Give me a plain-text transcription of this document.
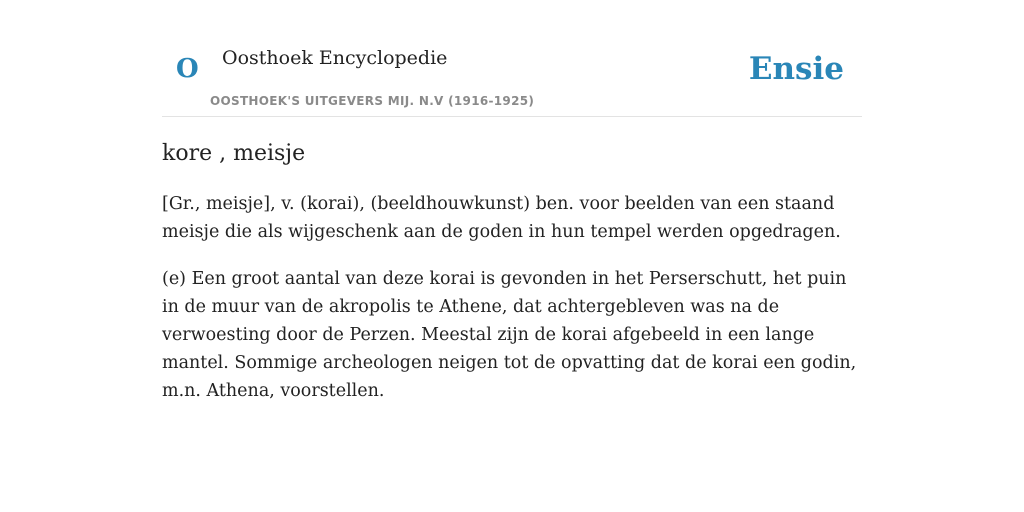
O Oosthoek Encyclopedie
OOSTHOEK'S UITGEVERS MIJ. N.V (1916-1925)
Ensie
kore , meisje

[Gr., meisje], v. (korai), (beeldhouwkunst) ben. voor beelden van een staand meisje die als wijgeschenk aan de goden in hun tempel werden opgedragen.

(e) Een groot aantal van deze korai is gevonden in het Perserschutt, het puin in de muur van de akropolis te Athene, dat achtergebleven was na de verwoesting door de Perzen. Meestal zijn de korai afgebeeld in een lange mantel. Sommige archeologen neigen tot de opvatting dat de korai een godin, m.n. Athena, voorstellen.
